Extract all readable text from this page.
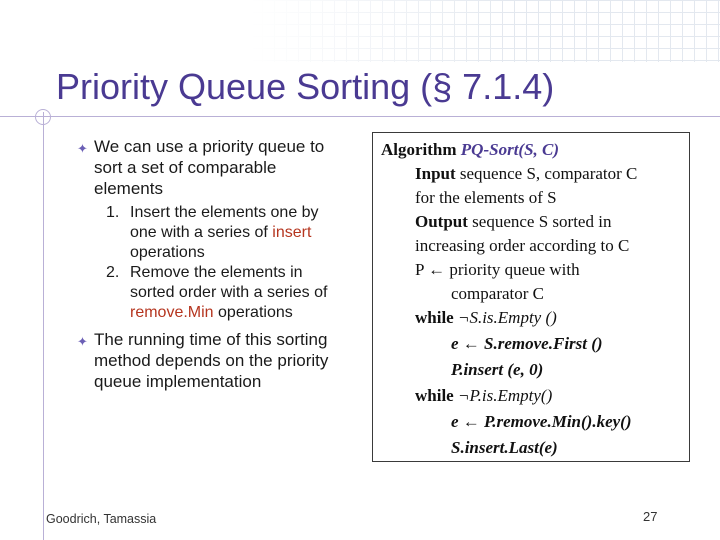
Priority Queue Sorting (§ 7.1.4)
✦ We can use a priority queue to sort a set of comparable elements
1. Insert the elements one by one with a series of insert operations
2. Remove the elements in sorted order with a series of remove.Min operations
✦ The running time of this sorting method depends on the priority queue implementation
Algorithm PQ-Sort(S, C)
Input sequence S, comparator C
for the elements of S
Output sequence S sorted in
increasing order according to C
P ← priority queue with
comparator C
while ¬S.is.Empty ()
e ← S.remove.First ()
P.insert (e, 0)
while ¬P.is.Empty()
e ← P.remove.Min().key()
S.insert.Last(e)
Goodrich, Tamassia	27
